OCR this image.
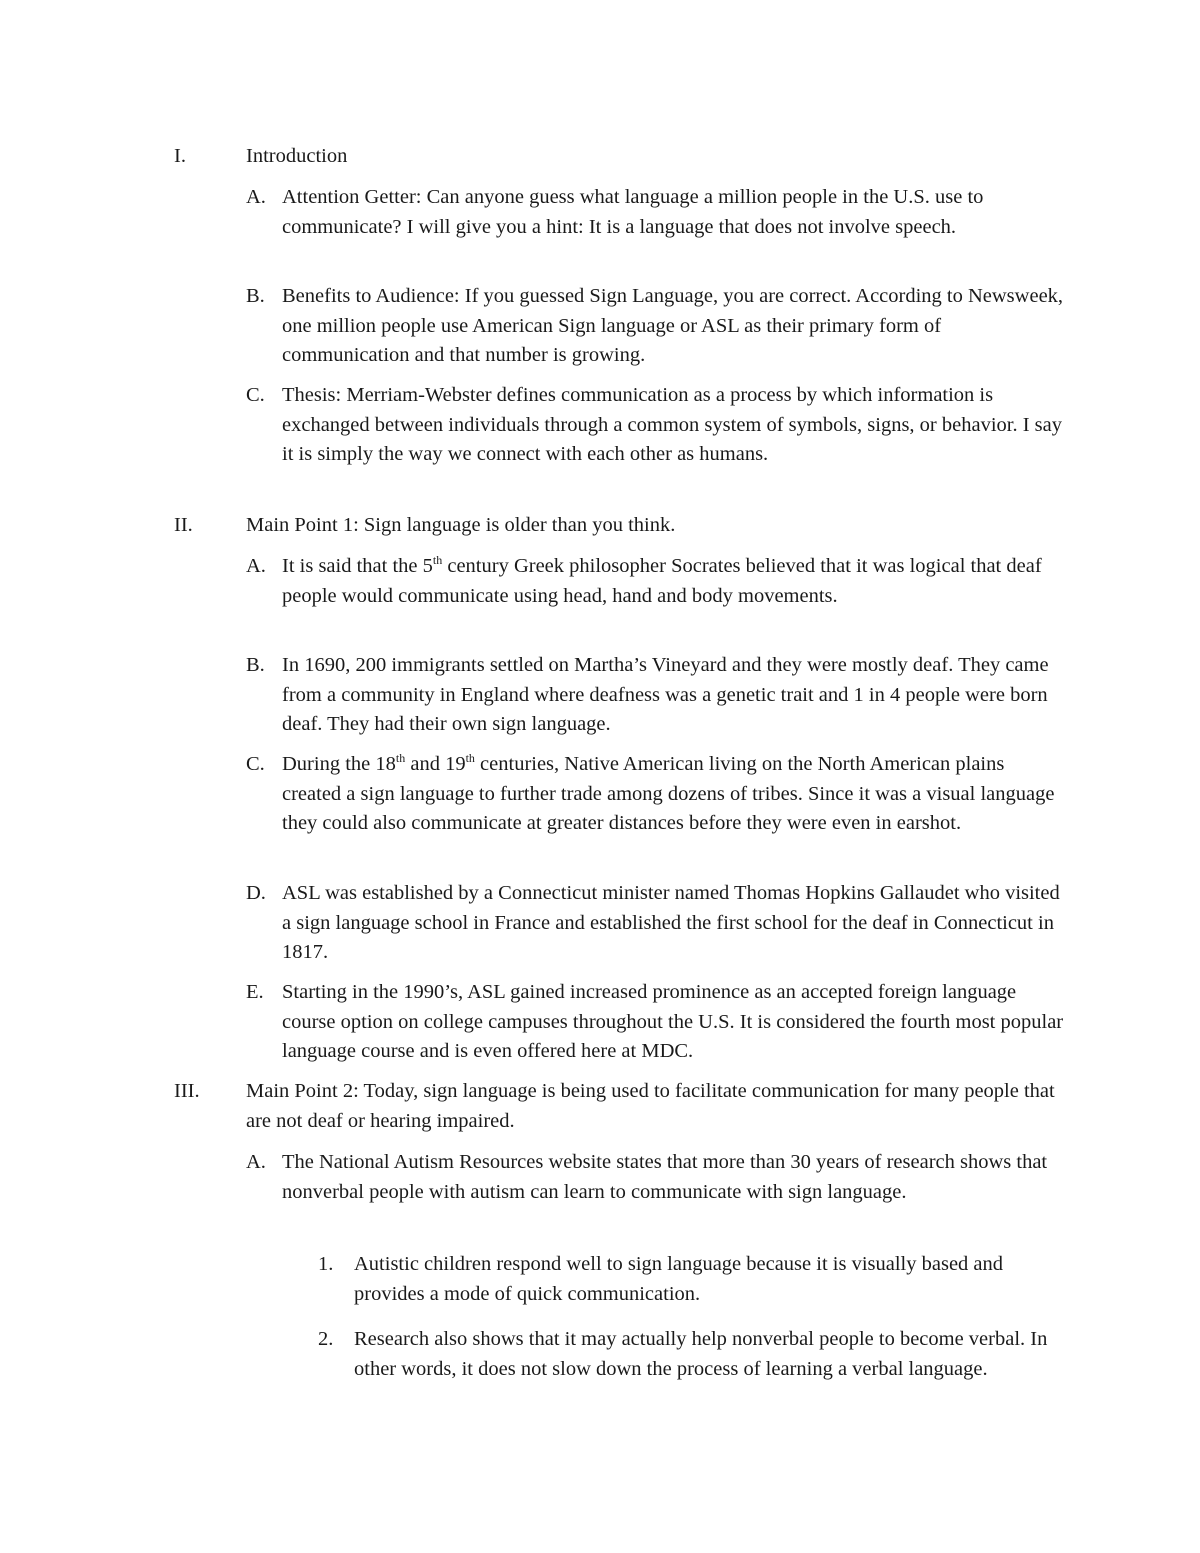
I.	Introduction
A. Attention Getter: Can anyone guess what language a million people in the U.S. use to communicate? I will give you a hint: It is a language that does not involve speech.
B. Benefits to Audience: If you guessed Sign Language, you are correct. According to Newsweek, one million people use American Sign language or ASL as their primary form of communication and that number is growing.
C. Thesis: Merriam-Webster defines communication as a process by which information is exchanged between individuals through a common system of symbols, signs, or behavior. I say it is simply the way we connect with each other as humans.
II.	Main Point 1: Sign language is older than you think.
A. It is said that the 5th century Greek philosopher Socrates believed that it was logical that deaf people would communicate using head, hand and body movements.
B. In 1690, 200 immigrants settled on Martha’s Vineyard and they were mostly deaf. They came from a community in England where deafness was a genetic trait and 1 in 4 people were born deaf. They had their own sign language.
C. During the 18th and 19th centuries, Native American living on the North American plains created a sign language to further trade among dozens of tribes. Since it was a visual language they could also communicate at greater distances before they were even in earshot.
D. ASL was established by a Connecticut minister named Thomas Hopkins Gallaudet who visited a sign language school in France and established the first school for the deaf in Connecticut in 1817.
E. Starting in the 1990’s, ASL gained increased prominence as an accepted foreign language course option on college campuses throughout the U.S. It is considered the fourth most popular language course and is even offered here at MDC.
III. Main Point 2: Today, sign language is being used to facilitate communication for many people that are not deaf or hearing impaired.
A. The National Autism Resources website states that more than 30 years of research shows that nonverbal people with autism can learn to communicate with sign language.
1. Autistic children respond well to sign language because it is visually based and provides a mode of quick communication.
2. Research also shows that it may actually help nonverbal people to become verbal. In other words, it does not slow down the process of learning a verbal language.
